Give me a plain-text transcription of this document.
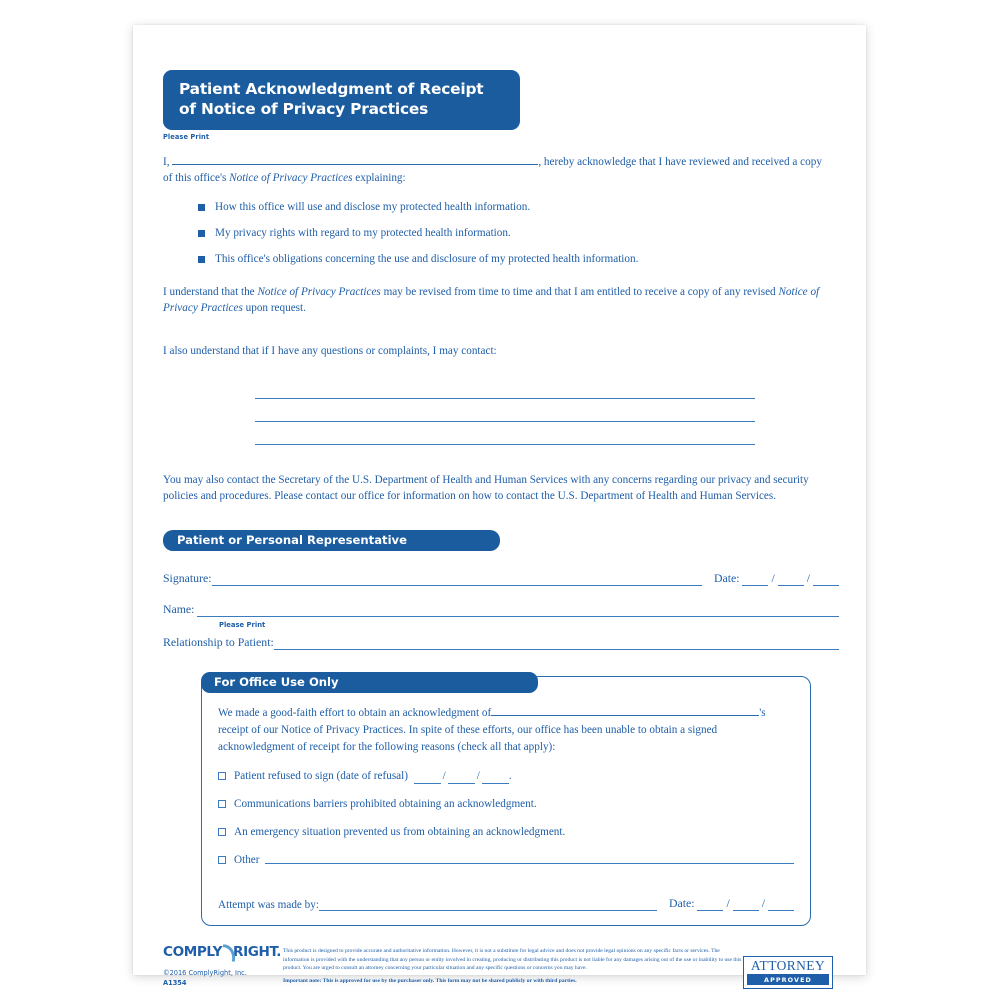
Patient Acknowledgment of Receipt
of Notice of Privacy Practices
Please Print
I,	, hereby acknowledge that I have reviewed and received a copy
of this office's Notice of Privacy Practices explaining:
How this office will use and disclose my protected health information.
My privacy rights with regard to my protected health information.
This office's obligations concerning the use and disclosure of my protected health information.
I understand that the Notice of Privacy Practices may be revised from time to time and that I am entitled to receive a copy of any revised Notice of Privacy Practices upon request.
I also understand that if I have any questions or complaints, I may contact:
You may also contact the Secretary of the U.S. Department of Health and Human Services with any concerns regarding our privacy and security policies and procedures. Please contact our office for information on how to contact the U.S. Department of Health and Human Services.
Patient or Personal Representative
Signature:	Date:
	/	/
Name:

Please Print
Relationship to Patient:
For Office Use Only
We made a good-faith effort to obtain an acknowledgment of	's receipt of our Notice of Privacy Practices. In spite of these efforts, our office has been unable to obtain a signed acknowledgment of receipt for the following reasons (check all that apply):
Patient refused to sign (date of refusal)	/	/	.
Communications barriers prohibited obtaining an acknowledgment.
An emergency situation prevented us from obtaining an acknowledgment.
Other
Attempt was made by:	Date:
	/	/
COMPLY RIGHT.
©2016 ComplyRight, Inc.
A1354
This product is designed to provide accurate and authoritative information. However, it is not a substitute for legal advice and does not provide legal opinions on any specific facts or services. The information is provided with the understanding that any person or entity involved in creating, producing or distributing this product is not liable for any damages arising out of the use or inability to use this product. You are urged to consult an attorney concerning your particular situation and any specific questions or concerns you may have.
Important note: This is approved for use by the purchaser only. This form may not be shared publicly or with third parties.
ATTORNEY
APPROVED
